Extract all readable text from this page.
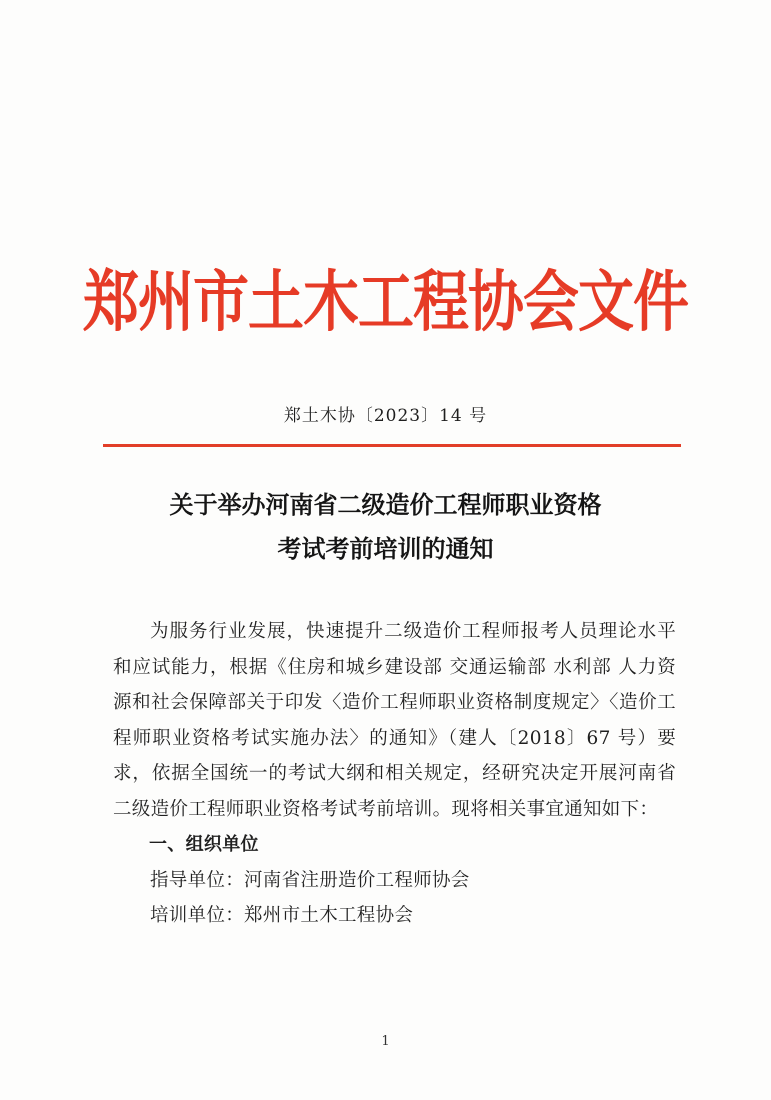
郑州市土木工程协会文件
郑土木协〔2023〕14 号
关于举办河南省二级造价工程师职业资格
考试考前培训的通知

为服务行业发展，快速提升二级造价工程师报考人员理论水平和应试能力，根据《住房和城乡建设部 交通运输部 水利部 人力资源和社会保障部关于印发〈造价工程师职业资格制度规定〉〈造价工程师职业资格考试实施办法〉的通知》（建人〔2018〕67 号）要求，依据全国统一的考试大纲和相关规定，经研究决定开展河南省二级造价工程师职业资格考试考前培训。现将相关事宜通知如下：

一、组织单位

指导单位：河南省注册造价工程师协会

培训单位：郑州市土木工程协会

1
